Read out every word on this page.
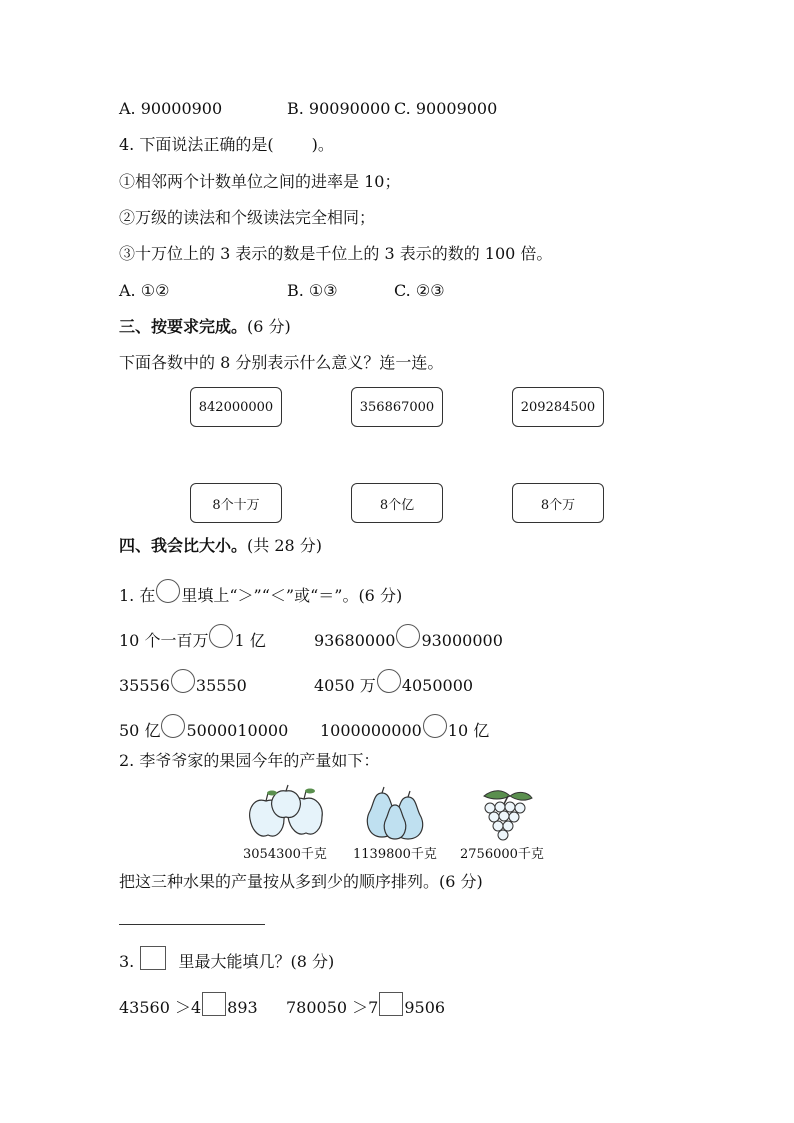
A. 90000900	B. 90090000 C. 90009000
4. 下面说法正确的是( )。
①相邻两个计数单位之间的进率是 10；
②万级的读法和个级读法完全相同；
③十万位上的 3 表示的数是千位上的 3 表示的数的 100 倍。
A. ①②	B. ①③	C. ②③
三、按要求完成。(6 分)
下面各数中的 8 分别表示什么意义？连一连。
842000000	356867000	209284500
8个十万	8个亿	8个万
四、我会比大小。(共 28 分)
1. 在 里填上“＞”“＜”或“＝”。(6 分)
10 个一百万 1 亿	93680000 93000000
35556 35550	4050 万 4050000
50 亿 5000010000 1000000000 10 亿
2. 李爷爷家的果园今年的产量如下：
3054300千克 1139800千克 2756000千克
把这三种水果的产量按从多到少的顺序排列。(6 分)
3.	里最大能填几？(8 分)
43560 ＞4 893 780050 ＞7 9506
